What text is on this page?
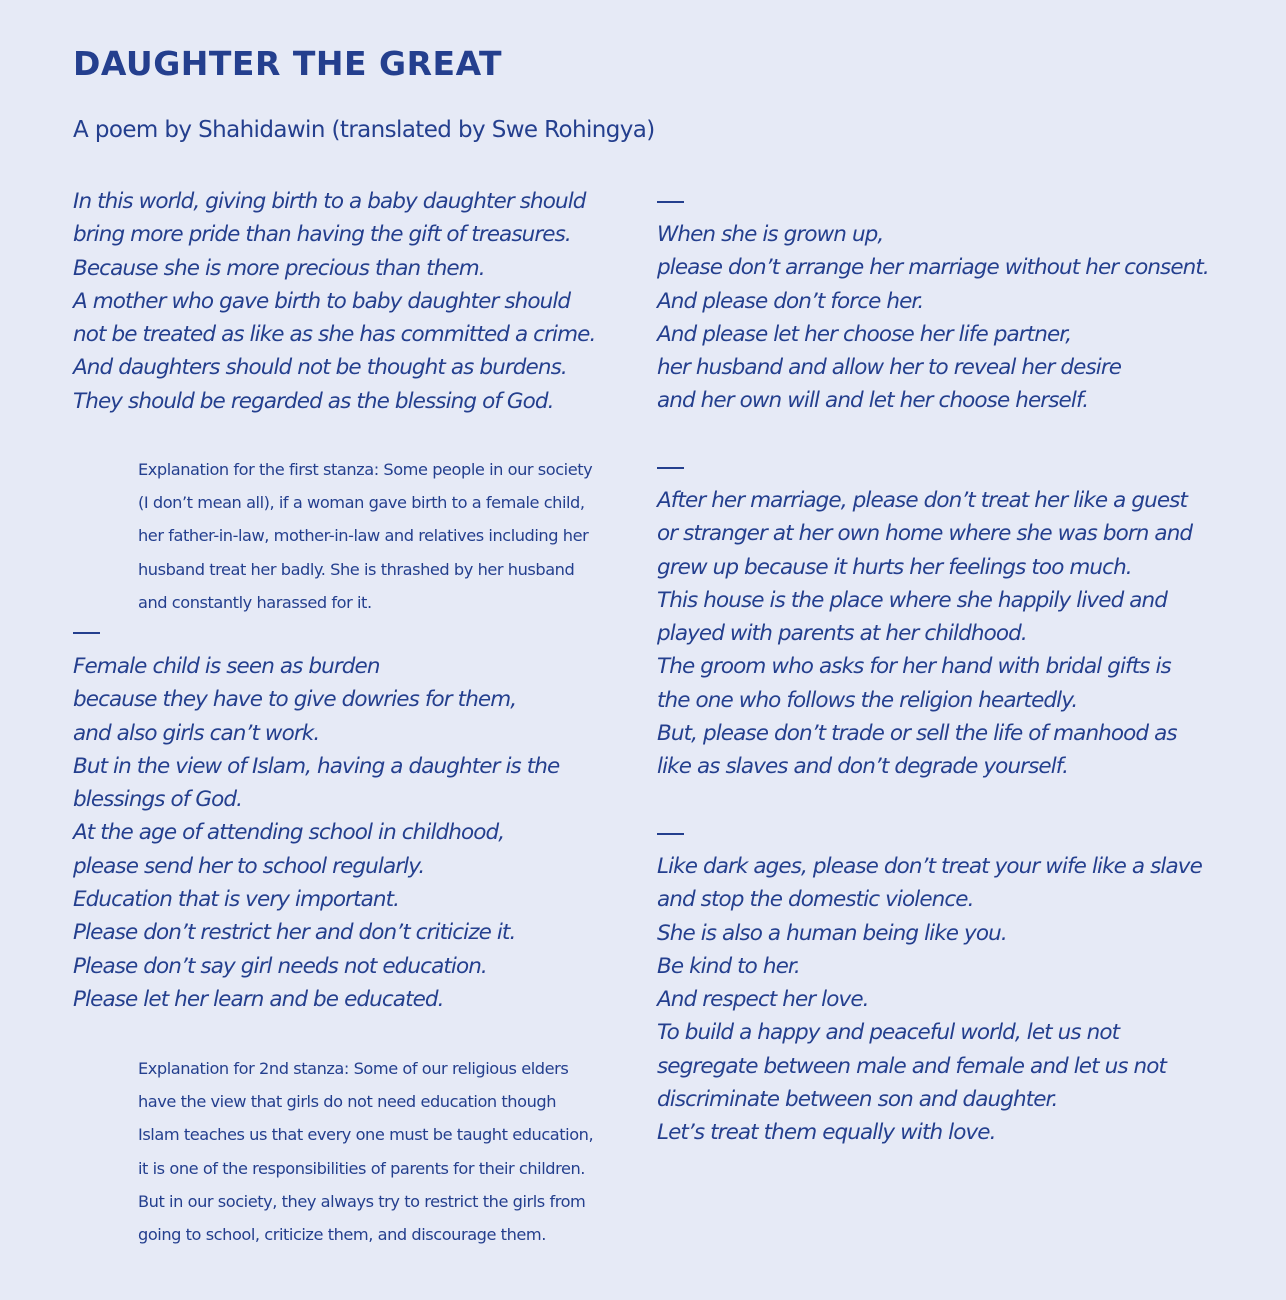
DAUGHTER THE GREAT
A poem by Shahidawin (translated by Swe Rohingya)
In this world, giving birth to a baby daughter should
bring more pride than having the gift of treasures.
Because she is more precious than them.
A mother who gave birth to baby daughter should
not be treated as like as she has committed a crime.
And daughters should not be thought as burdens.
They should be regarded as the blessing of God.
Explanation for the first stanza: Some people in our society
(I don’t mean all), if a woman gave birth to a female child,
her father-in-law, mother-in-law and relatives including her
husband treat her badly. She is thrashed by her husband
and constantly harassed for it.
Female child is seen as burden
because they have to give dowries for them,
and also girls can’t work.
But in the view of Islam, having a daughter is the
blessings of God.
At the age of attending school in childhood,
please send her to school regularly.
Education that is very important.
Please don’t restrict her and don’t criticize it.
Please don’t say girl needs not education.
Please let her learn and be educated.
Explanation for 2nd stanza: Some of our religious elders
have the view that girls do not need education though
Islam teaches us that every one must be taught education,
it is one of the responsibilities of parents for their children.
But in our society, they always try to restrict the girls from
going to school, criticize them, and discourage them.
When she is grown up,
please don’t arrange her marriage without her consent.
And please don’t force her.
And please let her choose her life partner,
her husband and allow her to reveal her desire
and her own will and let her choose herself.
After her marriage, please don’t treat her like a guest
or stranger at her own home where she was born and
grew up because it hurts her feelings too much.
This house is the place where she happily lived and
played with parents at her childhood.
The groom who asks for her hand with bridal gifts is
the one who follows the religion heartedly.
But, please don’t trade or sell the life of manhood as
like as slaves and don’t degrade yourself.
Like dark ages, please don’t treat your wife like a slave
and stop the domestic violence.
She is also a human being like you.
Be kind to her.
And respect her love.
To build a happy and peaceful world, let us not
segregate between male and female and let us not
discriminate between son and daughter.
Let’s treat them equally with love.
